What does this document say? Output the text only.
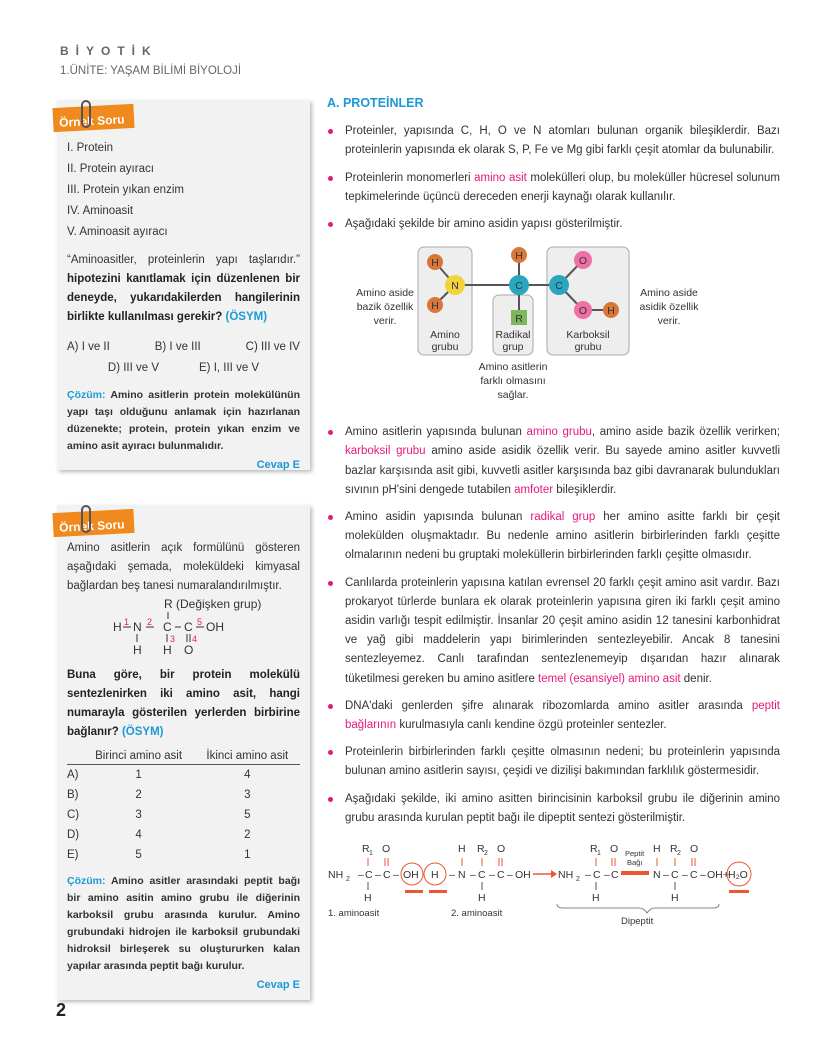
BİYOTİK
1.ÜNİTE: YAŞAM BİLİMİ BİYOLOJİ
Örnek Soru
I. Protein
II. Protein ayıracı
III. Protein yıkan enzim
IV. Aminoasit
V. Aminoasit ayıracı
“Aminoasitler, proteinlerin yapı taşlarıdır.” hipotezini kanıtlamak için düzenlenen bir deneyde, yukarıdakilerden hangilerinin birlikte kullanılması gerekir? (ÖSYM)
A) I ve II	B) I ve III	C) III ve IV
D) III ve V	E) I, III ve V
Çözüm: Amino asitlerin protein molekülünün yapı taşı olduğunu anlamak için hazırlanan düzenekte; protein, protein yıkan enzim ve amino asit ayıracı bulunmalıdır.
Cevap E
Örnek Soru
Amino asitlerin açık formülünü gösteren aşağıdaki şemada, moleküldeki kimyasal bağlardan beş tanesi numaralandırılmıştır.
R (Değişken grup)
H 1 N 2 C C 5 OH
3 4
H H O
Buna göre, bir protein molekülü sentezlenirken iki amino asit, hangi numarayla gösterilen yerlerden birbirine bağlanır? (ÖSYM)
	Birinci amino asit	İkinci amino asit
A)	1	4
B)	2	3
C)	3	5
D)	4	2
E)	5	1
Çözüm: Amino asitler arasındaki peptit bağı bir amino asitin amino grubu ile diğerinin karboksil grubu arasında kurulur. Amino grubundaki hidrojen ile karboksil grubundaki hidroksil birleşerek su oluştururken kalan yapılar arasında peptit bağı kurulur.
Cevap E
A. PROTEİNLER
Proteinler, yapısında C, H, O ve N atomları bulunan organik bileşiklerdir. Bazı proteinlerin yapısında ek olarak S, P, Fe ve Mg gibi farklı çeşit atomlar da bulunabilir.
Proteinlerin monomerleri amino asit molekülleri olup, bu moleküller hücresel solunum tepkimelerinde üçüncü dereceden enerji kaynağı olarak kullanılır.
Aşağıdaki şekilde bir amino asidin yapısı gösterilmiştir.
H
H
N
H
C
R
C
O
O H
Amino aside
bazik özellik
verir.
Amino aside
asidik özellik
verir.
Amino
grubu
Radikal
grup
Karboksil
grubu
Amino asitlerin
farklı olmasını
sağlar.
Amino asitlerin yapısında bulunan amino grubu, amino aside bazik özellik verirken; karboksil grubu amino aside asidik özellik verir. Bu sayede amino asitler kuvvetli bazlar karşısında asit gibi, kuvvetli asitler karşısında baz gibi davranarak bulundukları sıvının pH'sini dengede tutabilen amfoter bileşiklerdir.
Amino asidin yapısında bulunan radikal grup her amino asitte farklı bir çeşit molekülden oluşmaktadır. Bu nedenle amino asitlerin birbirlerinden farklı çeşitte olmalarının nedeni bu gruptaki moleküllerin birbirlerinden farklı çeşitte olmasıdır.
Canlılarda proteinlerin yapısına katılan evrensel 20 farklı çeşit amino asit vardır. Bazı prokaryot türlerde bunlara ek olarak proteinlerin yapısına giren iki farklı çeşit amino asidin varlığı tespit edilmiştir. İnsanlar 20 çeşit amino asidin 12 tanesini karbonhidrat ve yağ gibi maddelerin yapı birimlerinden sentezleyebilir. Ancak 8 tanesini sentezleyemez. Canlı tarafından sentezlenemeyip dışarıdan hazır alınarak tüketilmesi gereken bu amino asitlere temel (esansiyel) amino asit denir.
DNA'daki genlerden şifre alınarak ribozomlarda amino asitler arasında peptit bağlarının kurulmasıyla canlı kendine özgü proteinler sentezler.
Proteinlerin birbirlerinden farklı çeşitte olmasının nedeni; bu proteinlerin yapısında bulunan amino asitlerin sayısı, çeşidi ve dizilişi bakımından farklılık göstermesidir.
Aşağıdaki şekilde, iki amino asitten birincisinin karboksil grubu ile diğerinin amino grubu arasında kurulan peptit bağı ile dipeptit sentezi gösterilmiştir.
NH 2 – C – C –
R 1 O
H
OH H – N – C – C – OH
H R 2 O
H
NH 2 – C – C
R 1 O
H
Peptit
Bağı
N – C – C – OH +
H R 2 O
H
H₂O
1. aminoasit	2. aminoasit
Dipeptit
2
